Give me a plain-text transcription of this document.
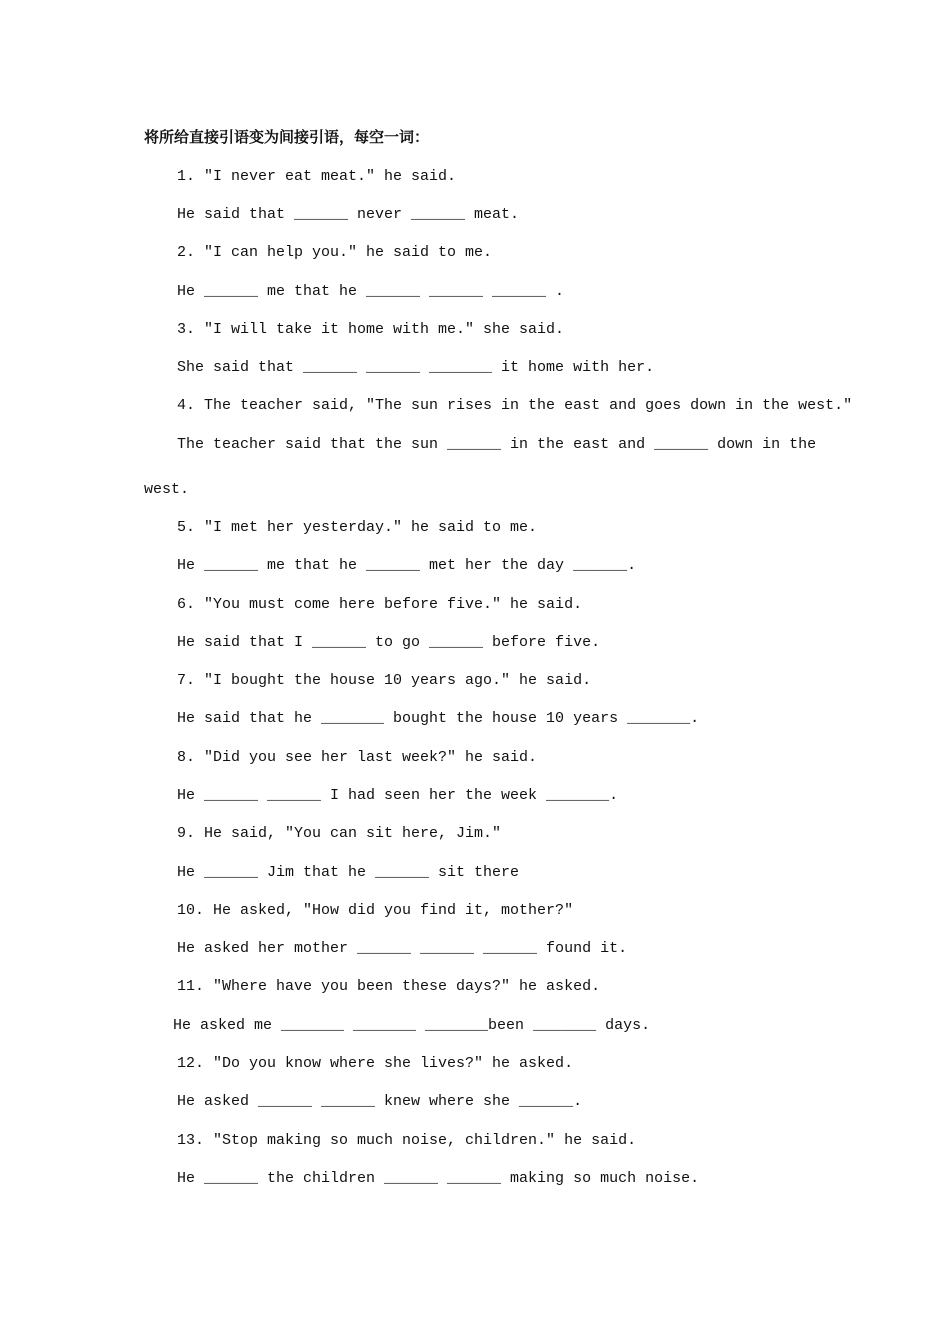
将所给直接引语变为间接引语，每空一词：
1. "I never eat meat." he said.
He said that ______ never ______ meat.
2. "I can help you." he said to me.
He ______ me that he ______ ______ ______ .
3. "I will take it home with me." she said.
She said that ______ ______ _______ it home with her.
4. The teacher said, "The sun rises in the east and goes down in the west."
The teacher said that the sun ______ in the east and ______ down in the
west.
5. "I met her yesterday." he said to me.
He ______ me that he ______ met her the day ______.
6. "You must come here before five." he said.
He said that I ______ to go ______ before five.
7. "I bought the house 10 years ago." he said.
He said that he _______ bought the house 10 years _______.
8. "Did you see her last week?" he said.
He ______ ______ I had seen her the week _______.
9. He said, "You can sit here, Jim."
He ______ Jim that he ______ sit there
10. He asked, "How did you find it, mother?"
He asked her mother ______ ______ ______ found it.
11. "Where have you been these days?" he asked.
He asked me _______ _______ _______been _______ days.
12. "Do you know where she lives?" he asked.
He asked ______ ______ knew where she ______.
13. "Stop making so much noise, children." he said.
He ______ the children ______ ______ making so much noise.
